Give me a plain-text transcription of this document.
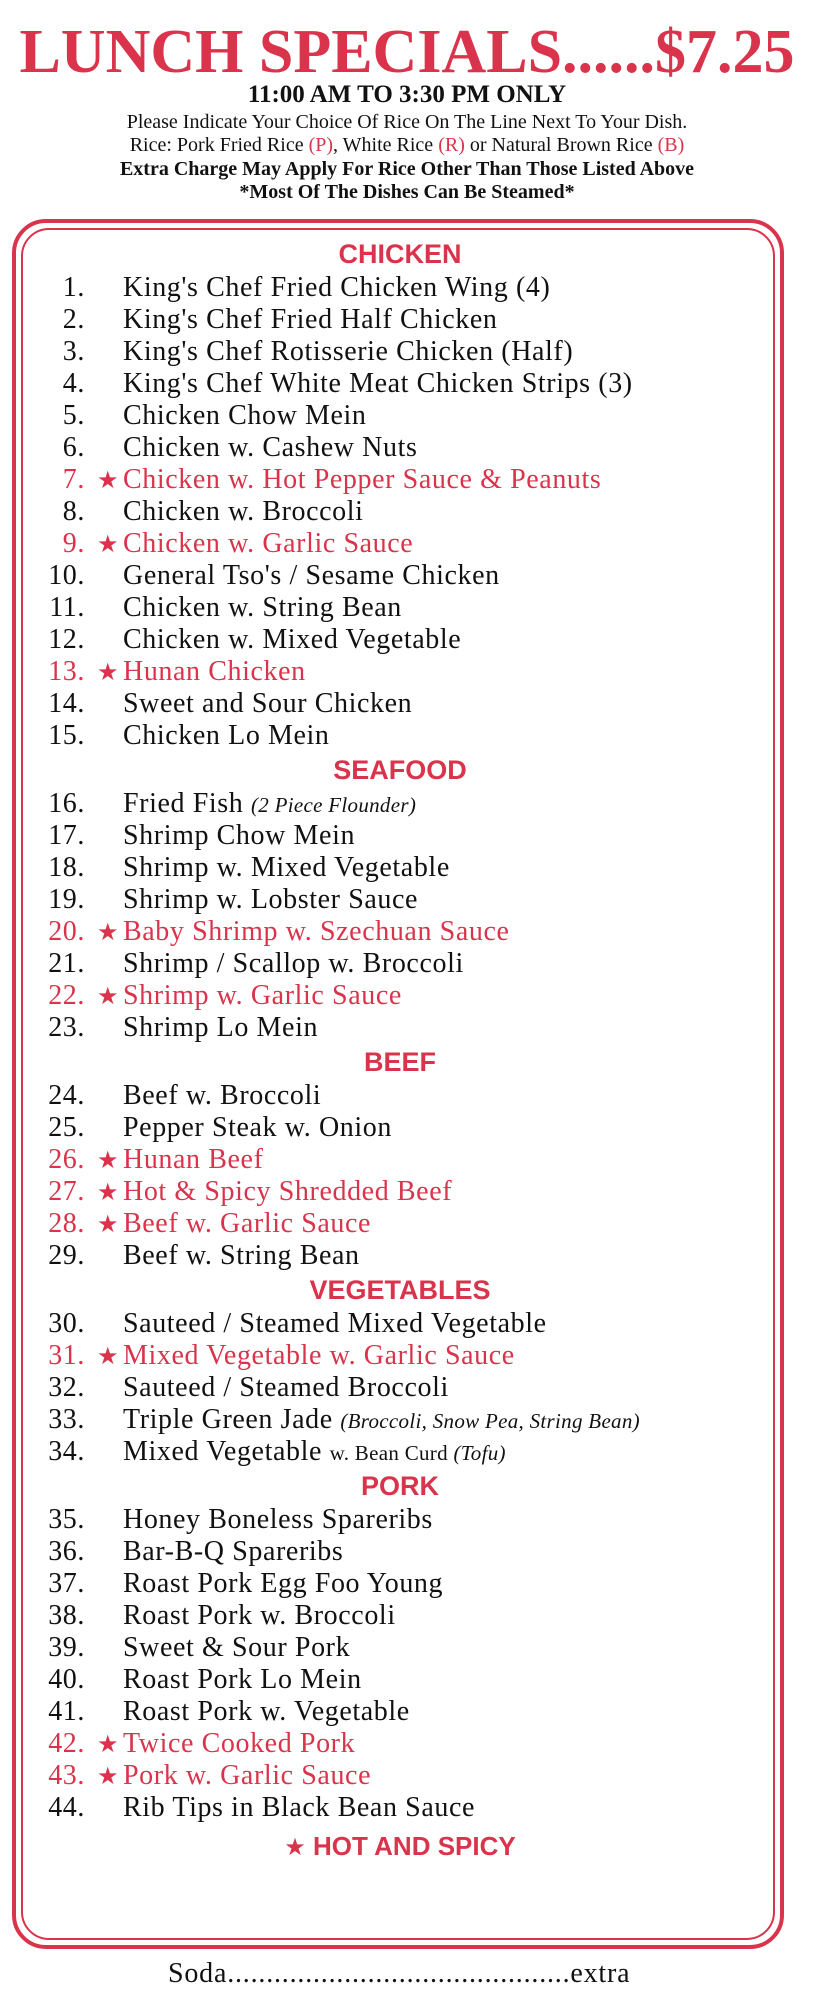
LUNCH SPECIALS......$7.25
11:00 AM TO 3:30 PM ONLY
Please Indicate Your Choice Of Rice On The Line Next To Your Dish.
Rice: Pork Fried Rice (P), White Rice (R) or Natural Brown Rice (B)
Extra Charge May Apply For Rice Other Than Those Listed Above
*Most Of The Dishes Can Be Steamed*
CHICKEN
1. King's Chef Fried Chicken Wing (4)
2. King's Chef Fried Half Chicken
3. King's Chef Rotisserie Chicken (Half)
4. King's Chef White Meat Chicken Strips (3)
5. Chicken Chow Mein
6. Chicken w. Cashew Nuts
7. ★ Chicken w. Hot Pepper Sauce & Peanuts
8. Chicken w. Broccoli
9. ★ Chicken w. Garlic Sauce
10. General Tso's / Sesame Chicken
11. Chicken w. String Bean
12. Chicken w. Mixed Vegetable
13. ★ Hunan Chicken
14. Sweet and Sour Chicken
15. Chicken Lo Mein
SEAFOOD
16. Fried Fish (2 Piece Flounder)
17. Shrimp Chow Mein
18. Shrimp w. Mixed Vegetable
19. Shrimp w. Lobster Sauce
20. ★ Baby Shrimp w. Szechuan Sauce
21. Shrimp / Scallop w. Broccoli
22. ★ Shrimp w. Garlic Sauce
23. Shrimp Lo Mein
BEEF
24. Beef w. Broccoli
25. Pepper Steak w. Onion
26. ★ Hunan Beef
27. ★ Hot & Spicy Shredded Beef
28. ★ Beef w. Garlic Sauce
29. Beef w. String Bean
VEGETABLES
30. Sauteed / Steamed Mixed Vegetable
31. ★ Mixed Vegetable w. Garlic Sauce
32. Sauteed / Steamed Broccoli
33. Triple Green Jade (Broccoli, Snow Pea, String Bean)
34. Mixed Vegetable w. Bean Curd (Tofu)
PORK
35. Honey Boneless Spareribs
36. Bar-B-Q Spareribs
37. Roast Pork Egg Foo Young
38. Roast Pork w. Broccoli
39. Sweet & Sour Pork
40. Roast Pork Lo Mein
41. Roast Pork w. Vegetable
42. ★ Twice Cooked Pork
43. ★ Pork w. Garlic Sauce
44. Rib Tips in Black Bean Sauce
★ HOT AND SPICY
Soda............................................extra
